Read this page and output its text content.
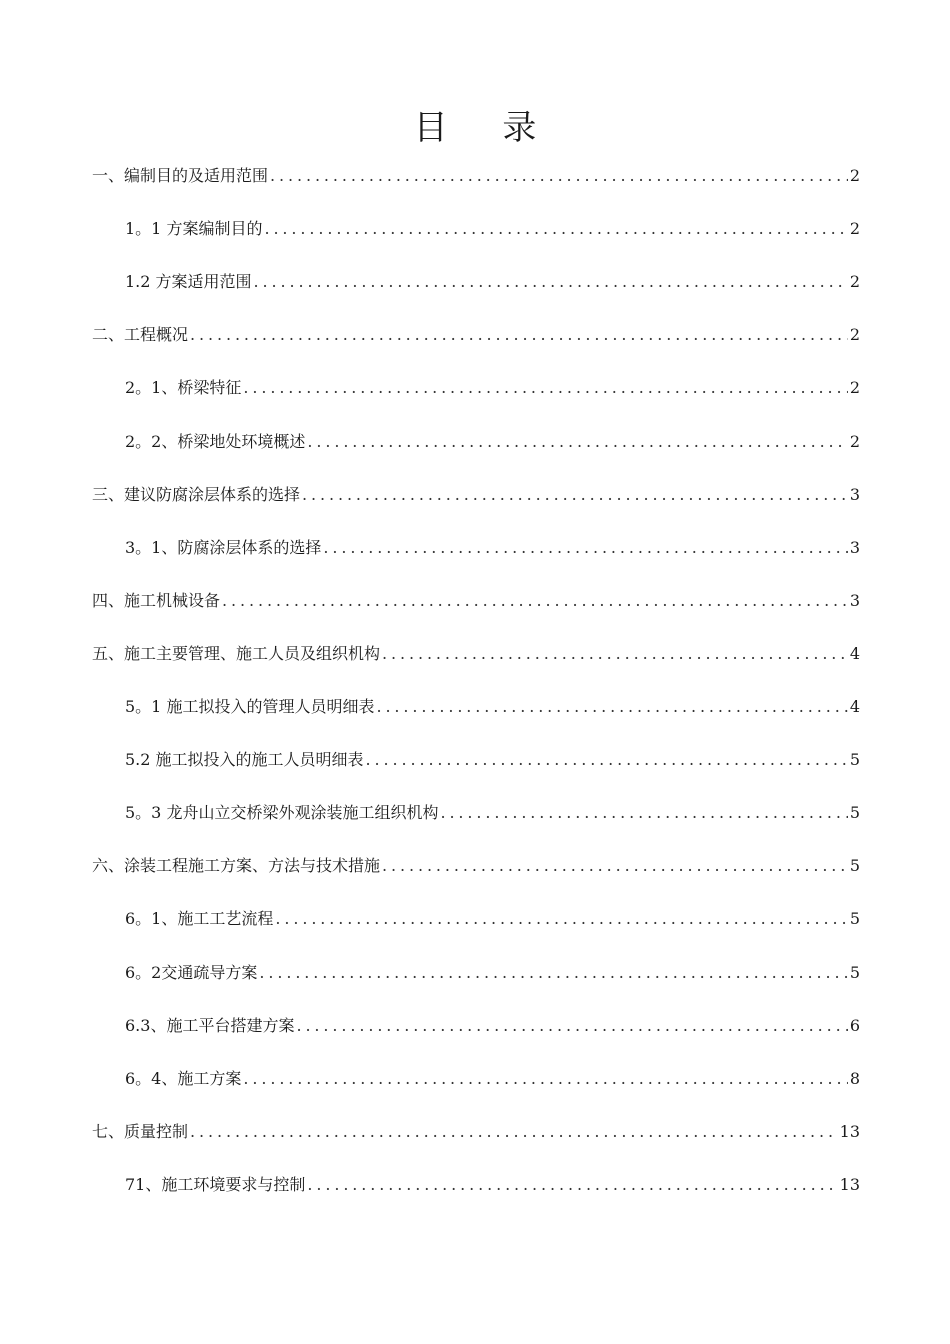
目 录
一、编制目的及适用范围 .....	2
1。1 方案编制目的 .....	2
1.2 方案适用范围 .....	2
二、工程概况 .....	2
2。1、桥梁特征 .....	2
2。2、桥梁地处环境概述 .....	2
三、建议防腐涂层体系的选择 .....	3
3。1、防腐涂层体系的选择 .....	3
四、施工机械设备 .....	3
五、施工主要管理、施工人员及组织机构 .....	4
5。1 施工拟投入的管理人员明细表 .....	4
5.2 施工拟投入的施工人员明细表 .....	5
5。3 龙舟山立交桥梁外观涂装施工组织机构 .....	5
六、涂装工程施工方案、方法与技术措施 .....	5
6。1、施工工艺流程 .....	5
6。2交通疏导方案 .....	5
6.3、施工平台搭建方案 .....	6
6。4、施工方案 .....	8
七、质量控制 .....	13
71、施工环境要求与控制 .....	13
